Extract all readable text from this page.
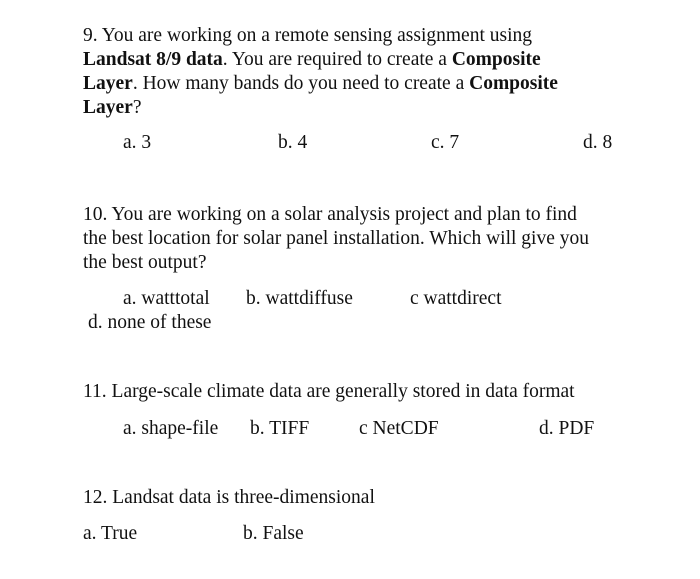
9. You are working on a remote sensing assignment using
Landsat 8/9 data. You are required to create a Composite
Layer. How many bands do you need to create a Composite
Layer?
a. 3	b. 4	c. 7	d. 8
10. You are working on a solar analysis project and plan to find
the best location for solar panel installation. Which will give you
the best output?
a. watttotal b. wattdiffuse	c wattdirect
d. none of these
11. Large-scale climate data are generally stored in data format
a. shape-file b. TIFF	c NetCDF	d. PDF
12. Landsat data is three-dimensional
a. True	b. False
